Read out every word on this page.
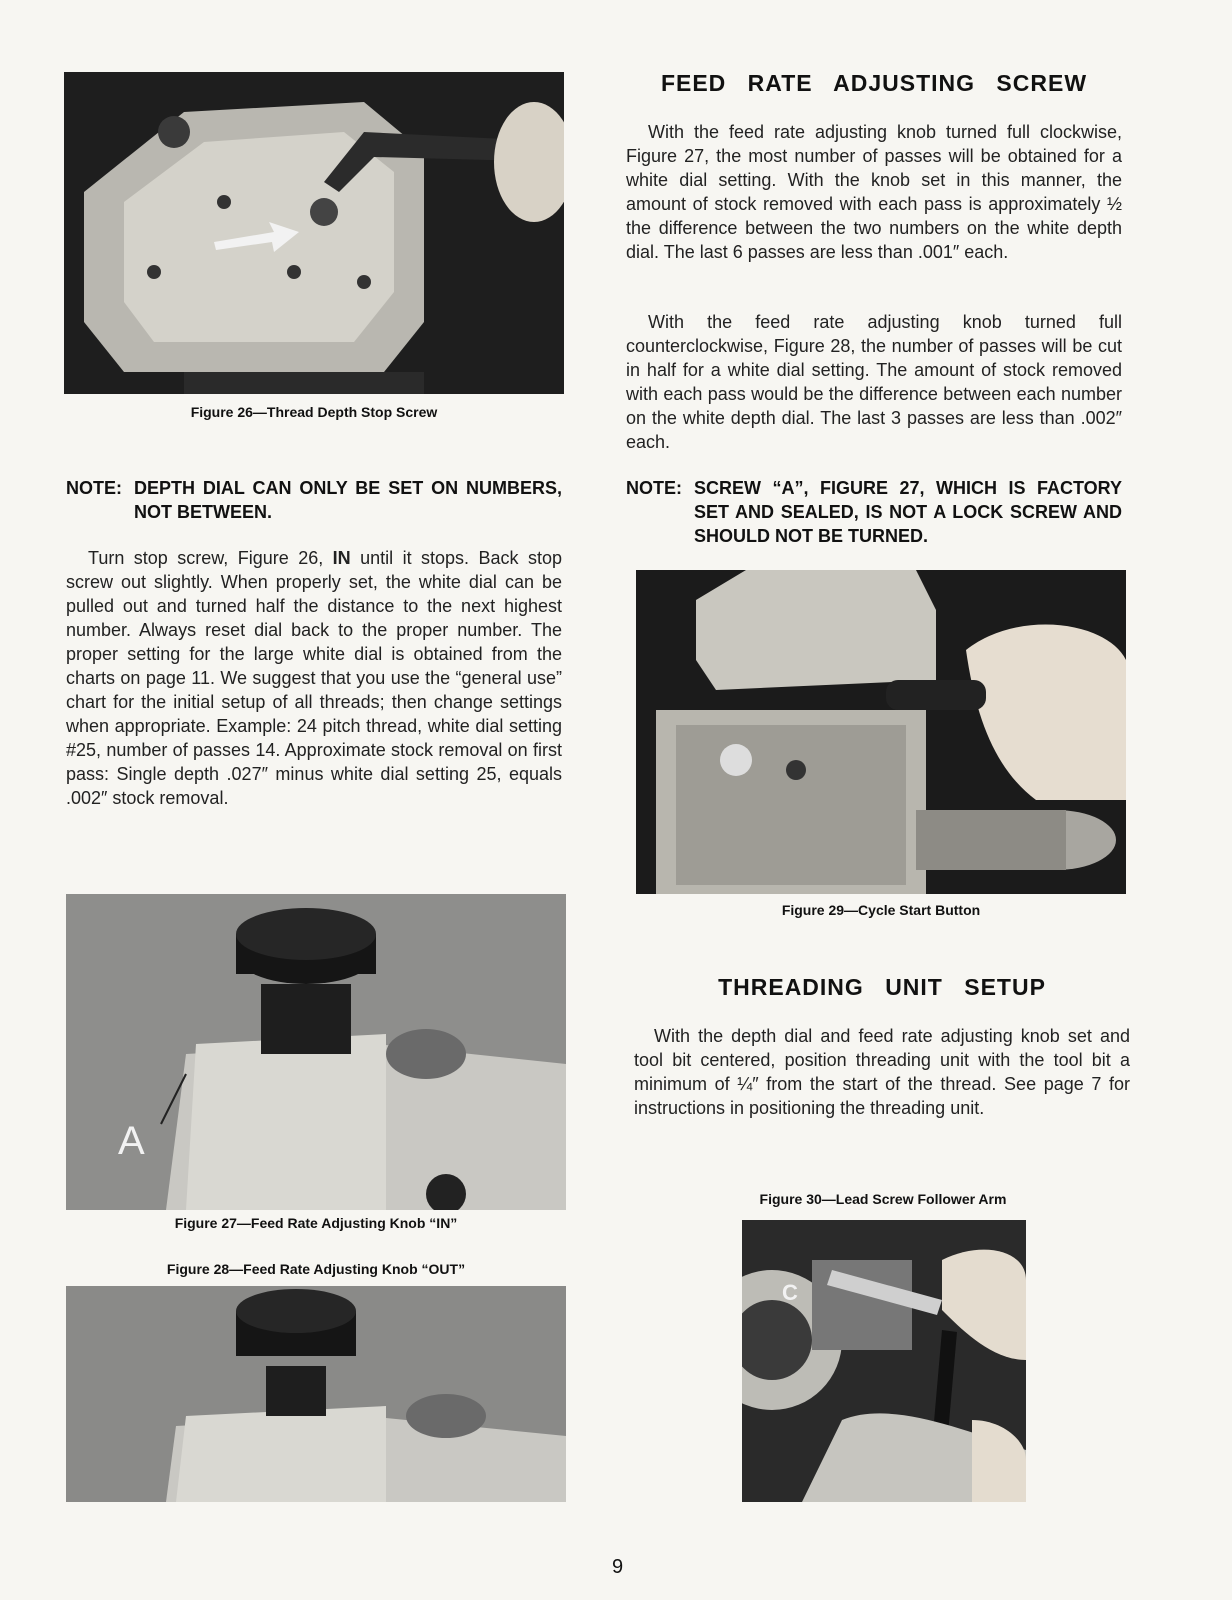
Figure 26—Thread Depth Stop Screw
FEED RATE ADJUSTING SCREW

With the feed rate adjusting knob turned full clockwise, Figure 27, the most number of passes will be obtained for a white dial setting. With the knob set in this manner, the amount of stock removed with each pass is approximately ½ the difference between the two numbers on the white depth dial. The last 6 passes are less than .001″ each.

With the feed rate adjusting knob turned full counterclockwise, Figure 28, the number of passes will be cut in half for a white dial setting. The amount of stock removed with each pass would be the difference between each number on the white depth dial. The last 3 passes are less than .002″ each.

NOTE: DEPTH DIAL CAN ONLY BE SET ON NUMBERS, NOT BETWEEN.

Turn stop screw, Figure 26, IN until it stops. Back stop screw out slightly. When properly set, the white dial can be pulled out and turned half the distance to the next highest number. Always reset dial back to the proper number. The proper setting for the large white dial is obtained from the charts on page 11. We suggest that you use the “general use” chart for the initial setup of all threads; then change settings when appropriate. Example: 24 pitch thread, white dial setting #25, number of passes 14. Approximate stock removal on first pass: Single depth .027″ minus white dial setting 25, equals .002″ stock removal.

NOTE: SCREW “A”, FIGURE 27, WHICH IS FACTORY SET AND SEALED, IS NOT A LOCK SCREW AND SHOULD NOT BE TURNED.
Figure 29—Cycle Start Button
THREADING UNIT SETUP

With the depth dial and feed rate adjusting knob set and tool bit centered, position threading unit with the tool bit a minimum of ¼″ from the start of the thread. See page 7 for instructions in positioning the threading unit.

A
Figure 27—Feed Rate Adjusting Knob “IN”
Figure 28—Feed Rate Adjusting Knob “OUT”
Figure 30—Lead Screw Follower Arm
C
9
